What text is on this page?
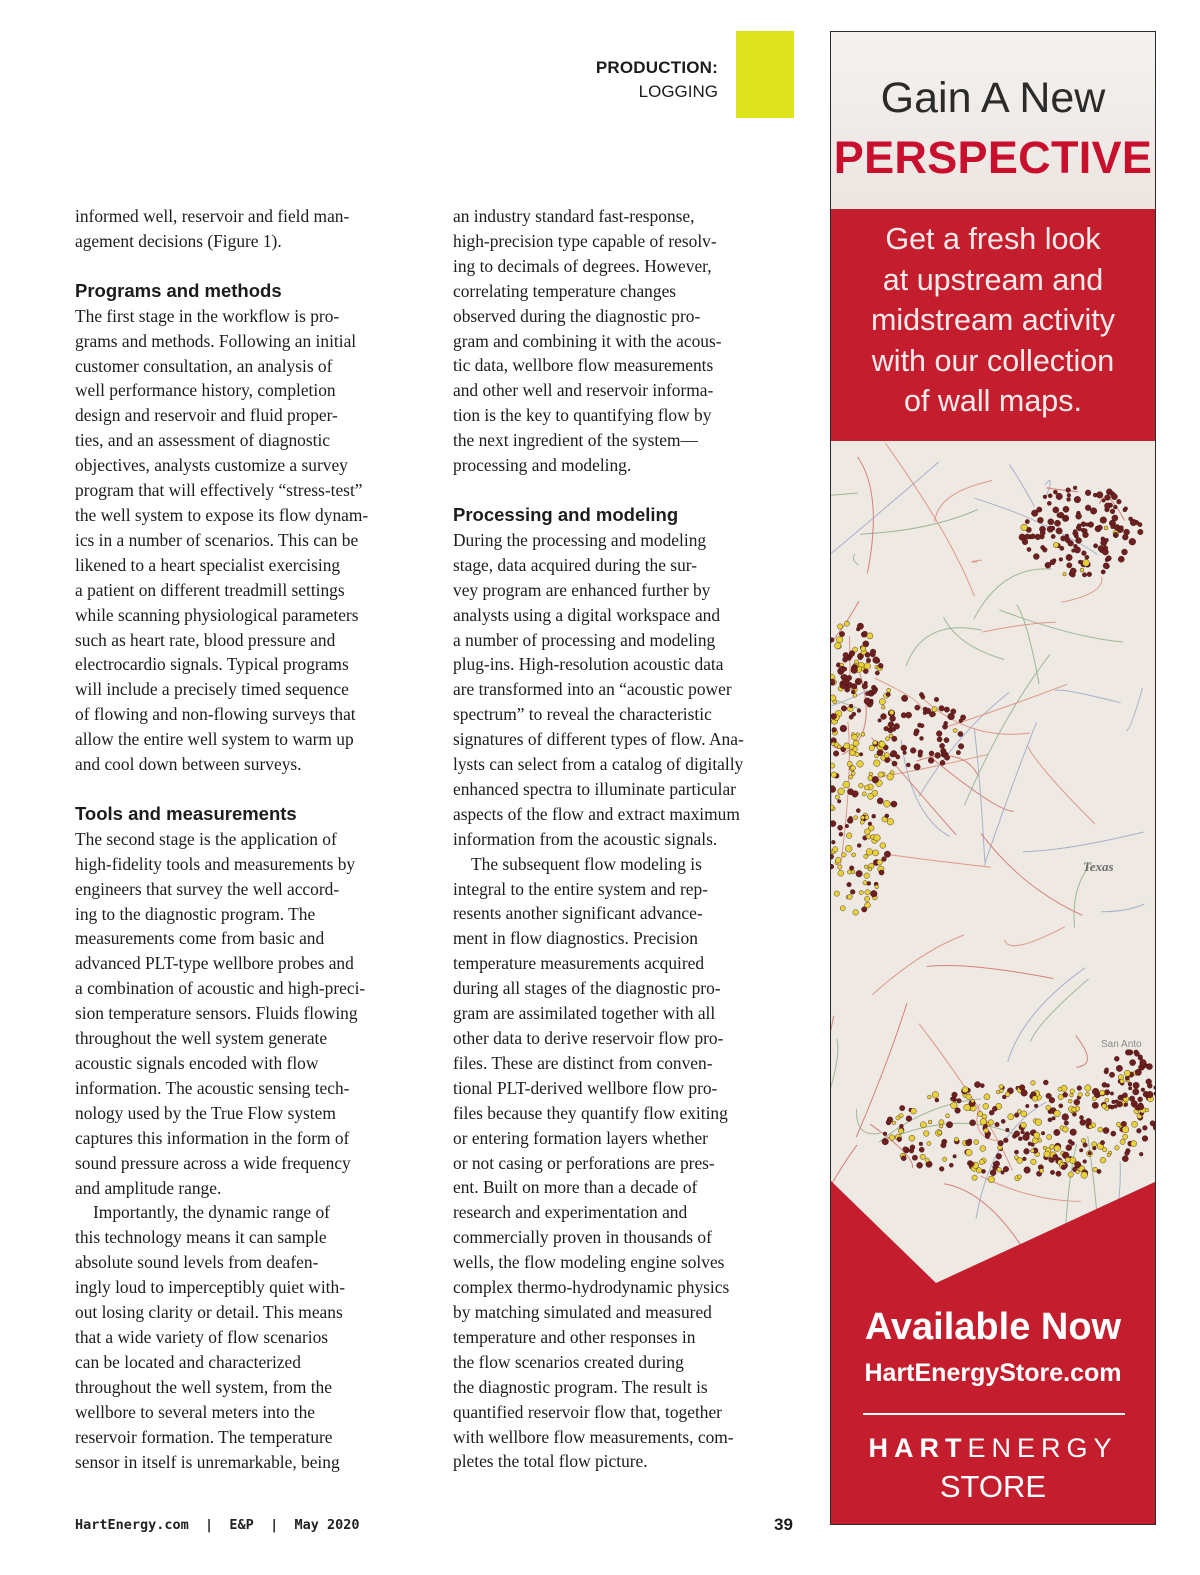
PRODUCTION:
LOGGING
informed well, reservoir and field man-
agement decisions (Figure 1).
Programs and methods
The first stage in the workflow is pro-
grams and methods. Following an initial
customer consultation, an analysis of
well performance history, completion
design and reservoir and fluid proper-
ties, and an assessment of diagnostic
objectives, analysts customize a survey
program that will effectively “stress-test”
the well system to expose its flow dynam-
ics in a number of scenarios. This can be
likened to a heart specialist exercising
a patient on different treadmill settings
while scanning physiological parameters
such as heart rate, blood pressure and
electrocardio signals. Typical programs
will include a precisely timed sequence
of flowing and non-flowing surveys that
allow the entire well system to warm up
and cool down between surveys.
Tools and measurements
The second stage is the application of
high-fidelity tools and measurements by
engineers that survey the well accord-
ing to the diagnostic program. The
measurements come from basic and
advanced PLT-type wellbore probes and
a combination of acoustic and high-preci-
sion temperature sensors. Fluids flowing
throughout the well system generate
acoustic signals encoded with flow
information. The acoustic sensing tech-
nology used by the True Flow system
captures this information in the form of
sound pressure across a wide frequency
and amplitude range.
Importantly, the dynamic range of
this technology means it can sample
absolute sound levels from deafen-
ingly loud to imperceptibly quiet with-
out losing clarity or detail. This means
that a wide variety of flow scenarios
can be located and characterized
throughout the well system, from the
wellbore to several meters into the
reservoir formation. The temperature
sensor in itself is unremarkable, being
an industry standard fast-response,
high-precision type capable of resolv-
ing to decimals of degrees. However,
correlating temperature changes
observed during the diagnostic pro-
gram and combining it with the acous-
tic data, wellbore flow measurements
and other well and reservoir informa-
tion is the key to quantifying flow by
the next ingredient of the system—
processing and modeling.
Processing and modeling
During the processing and modeling
stage, data acquired during the sur-
vey program are enhanced further by
analysts using a digital workspace and
a number of processing and modeling
plug-ins. High-resolution acoustic data
are transformed into an “acoustic power
spectrum” to reveal the characteristic
signatures of different types of flow. Ana-
lysts can select from a catalog of digitally
enhanced spectra to illuminate particular
aspects of the flow and extract maximum
information from the acoustic signals.
The subsequent flow modeling is
integral to the entire system and rep-
resents another significant advance-
ment in flow diagnostics. Precision
temperature measurements acquired
during all stages of the diagnostic pro-
gram are assimilated together with all
other data to derive reservoir flow pro-
files. These are distinct from conven-
tional PLT-derived wellbore flow pro-
files because they quantify flow exiting
or entering formation layers whether
or not casing or perforations are pres-
ent. Built on more than a decade of
research and experimentation and
commercially proven in thousands of
wells, the flow modeling engine solves
complex thermo-hydrodynamic physics
by matching simulated and measured
temperature and other responses in
the flow scenarios created during
the diagnostic program. The result is
quantified reservoir flow that, together
with wellbore flow measurements, com-
pletes the total flow picture.
HartEnergy.com  |  E&P  |  May 2020	39
Gain A New
PERSPECTIVE
Get a fresh look
at upstream and
midstream activity
with our collection
of wall maps.
Texas
San Anto
Available Now
HartEnergyStore.com
HARTENERGY
STORE
